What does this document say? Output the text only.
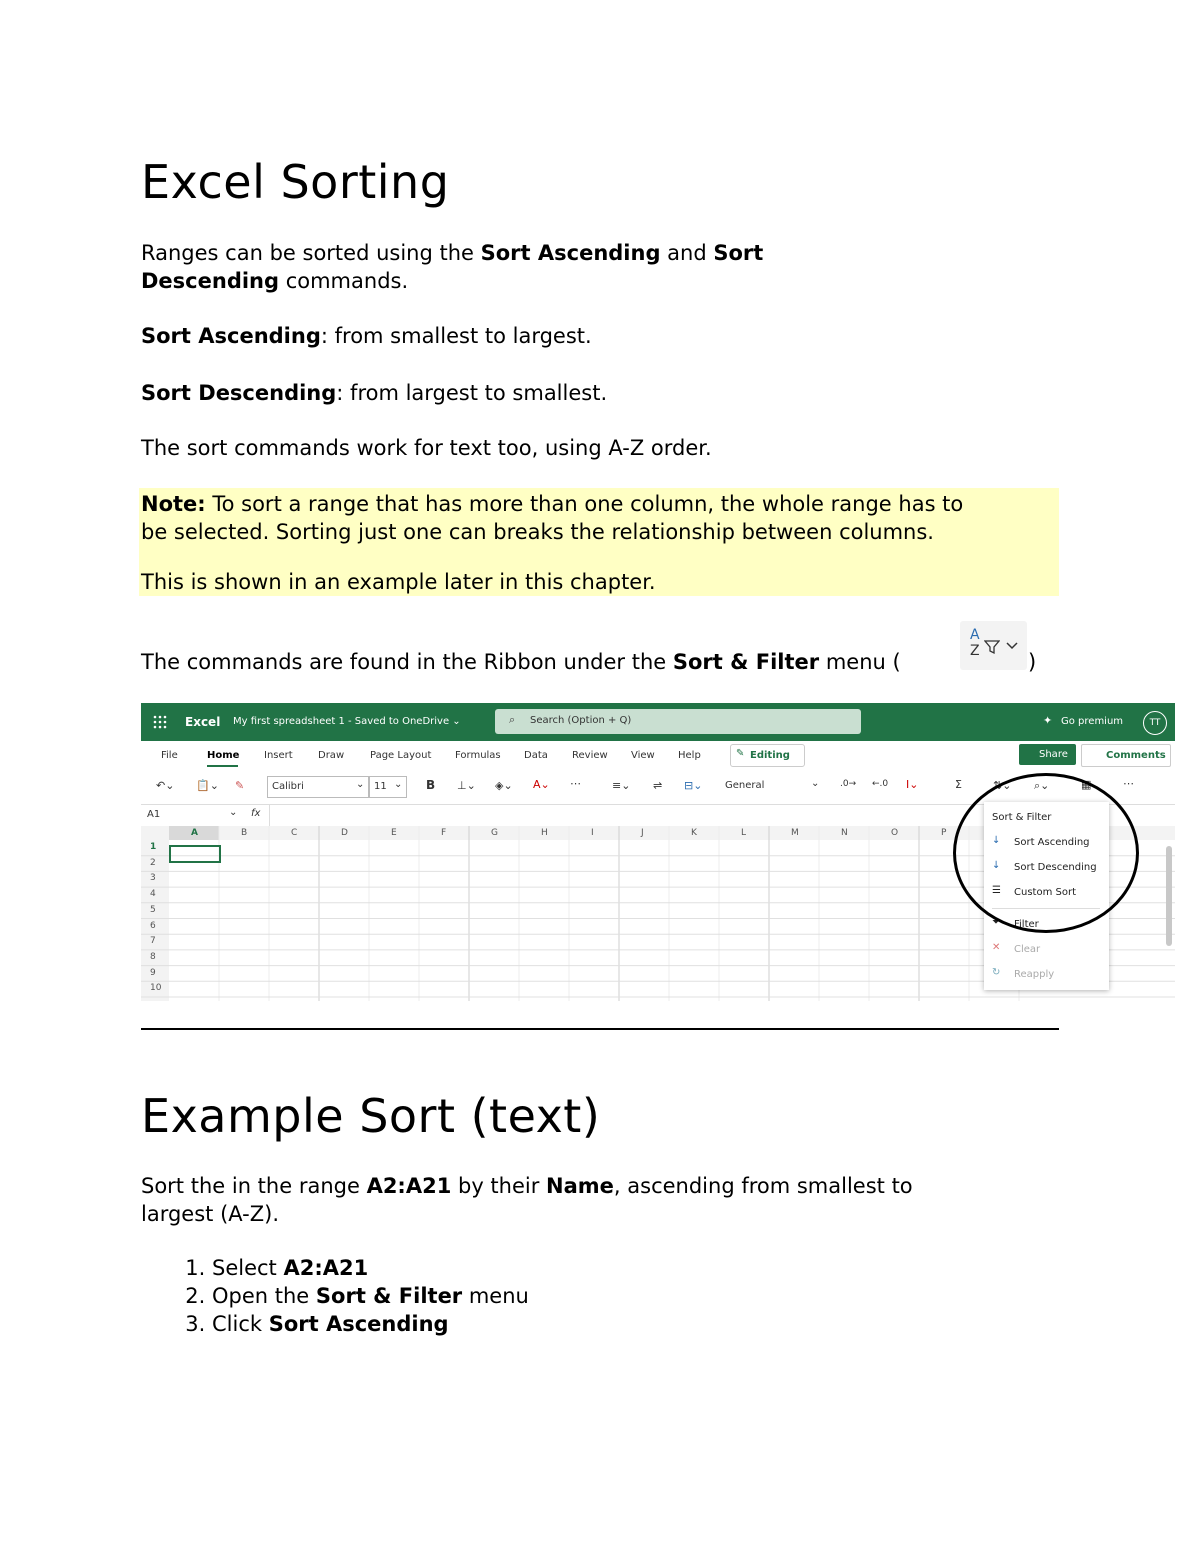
Excel Sorting
Ranges can be sorted using the Sort Ascending and Sort
Descending commands.
Sort Ascending: from smallest to largest.
Sort Descending: from largest to smallest.
The sort commands work for text too, using A-Z order.
Note: To sort a range that has more than one column, the whole range has to
be selected. Sorting just one can breaks the relationship between columns.
This is shown in an example later in this chapter.
The commands are found in the Ribbon under the Sort & Filter menu (
A
Z )
Excel My first spreadsheet 1 - Saved to OneDrive ⌄	⌕ Search (Option + Q)	✦ Go premium	TT
File	Home Insert	Draw	Page Layout Formulas Data Review View Help	✎ Editing	Share	Comments
↶⌄ 📋⌄ ✎	Calibri	⌄ 11 ⌄ B ⊥⌄ ◈⌄ A⌄ ⋯	≡⌄ ⇌ ⊟⌄ General	⌄ .0→ ←.0 I⌄	Σ	⇅⌄ ⌕⌄	▦	⋯
A1	⌄ fx
A	B	C	D	E	F	G	H	I	J	K	L	M	N	O	P
1
2
3
4
5
6
7
8
9
10
Sort & Filter
↓ Sort Ascending
↓ Sort Descending
☰ Custom Sort
⏷ Filter
✕ Clear
↻ Reapply
Example Sort (text)
Sort the in the range A2:A21 by their Name, ascending from smallest to
largest (A-Z).
1. Select A2:A21
2. Open the Sort & Filter menu
3. Click Sort Ascending
